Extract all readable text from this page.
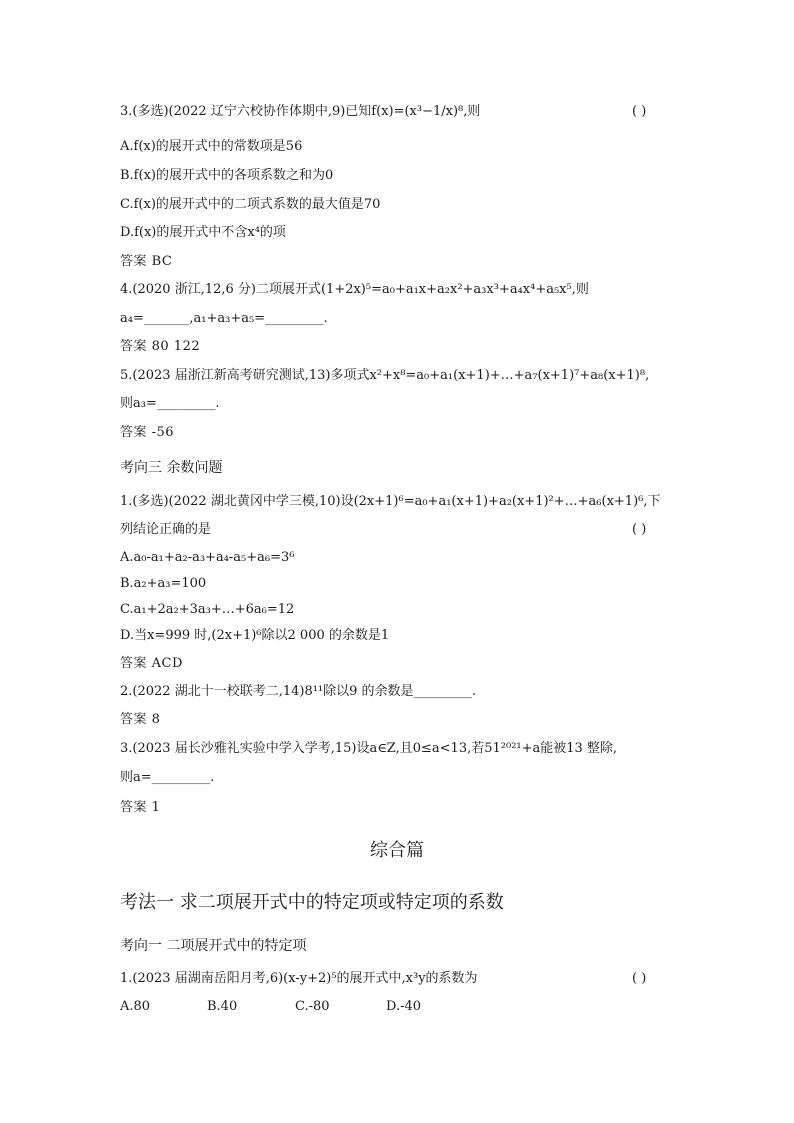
3.(多选)(2022 辽宁六校协作体期中,9)已知f(x)=(x³−1/x)⁸,则	( )
A.f(x)的展开式中的常数项是56
B.f(x)的展开式中的各项系数之和为0
C.f(x)的展开式中的二项式系数的最大值是70
D.f(x)的展开式中不含x⁴的项
答案 BC
4.(2020 浙江,12,6 分)二项展开式(1+2x)⁵=a₀+a₁x+a₂x²+a₃x³+a₄x⁴+a₅x⁵,则
a₄=_______,a₁+a₃+a₅=_________.
答案 80 122
5.(2023 届浙江新高考研究测试,13)多项式x²+x⁸=a₀+a₁(x+1)+…+a₇(x+1)⁷+a₈(x+1)⁸,
则a₃=_________.
答案 -56
考向三 余数问题
1.(多选)(2022 湖北黄冈中学三模,10)设(2x+1)⁶=a₀+a₁(x+1)+a₂(x+1)²+…+a₆(x+1)⁶,下
列结论正确的是	( )
A.a₀-a₁+a₂-a₃+a₄-a₅+a₆=3⁶
B.a₂+a₃=100
C.a₁+2a₂+3a₃+…+6a₆=12
D.当x=999 时,(2x+1)⁶除以2 000 的余数是1
答案 ACD
2.(2022 湖北十一校联考二,14)8¹¹除以9 的余数是_________.
答案 8
3.(2023 届长沙雅礼实验中学入学考,15)设a∈Z,且0≤a<13,若51²⁰²¹+a能被13 整除,
则a=_________.
答案 1
综合篇
考法一 求二项展开式中的特定项或特定项的系数
考向一 二项展开式中的特定项
1.(2023 届湖南岳阳月考,6)(x-y+2)⁵的展开式中,x³y的系数为	( )
A.80	B.40	C.-80	D.-40
